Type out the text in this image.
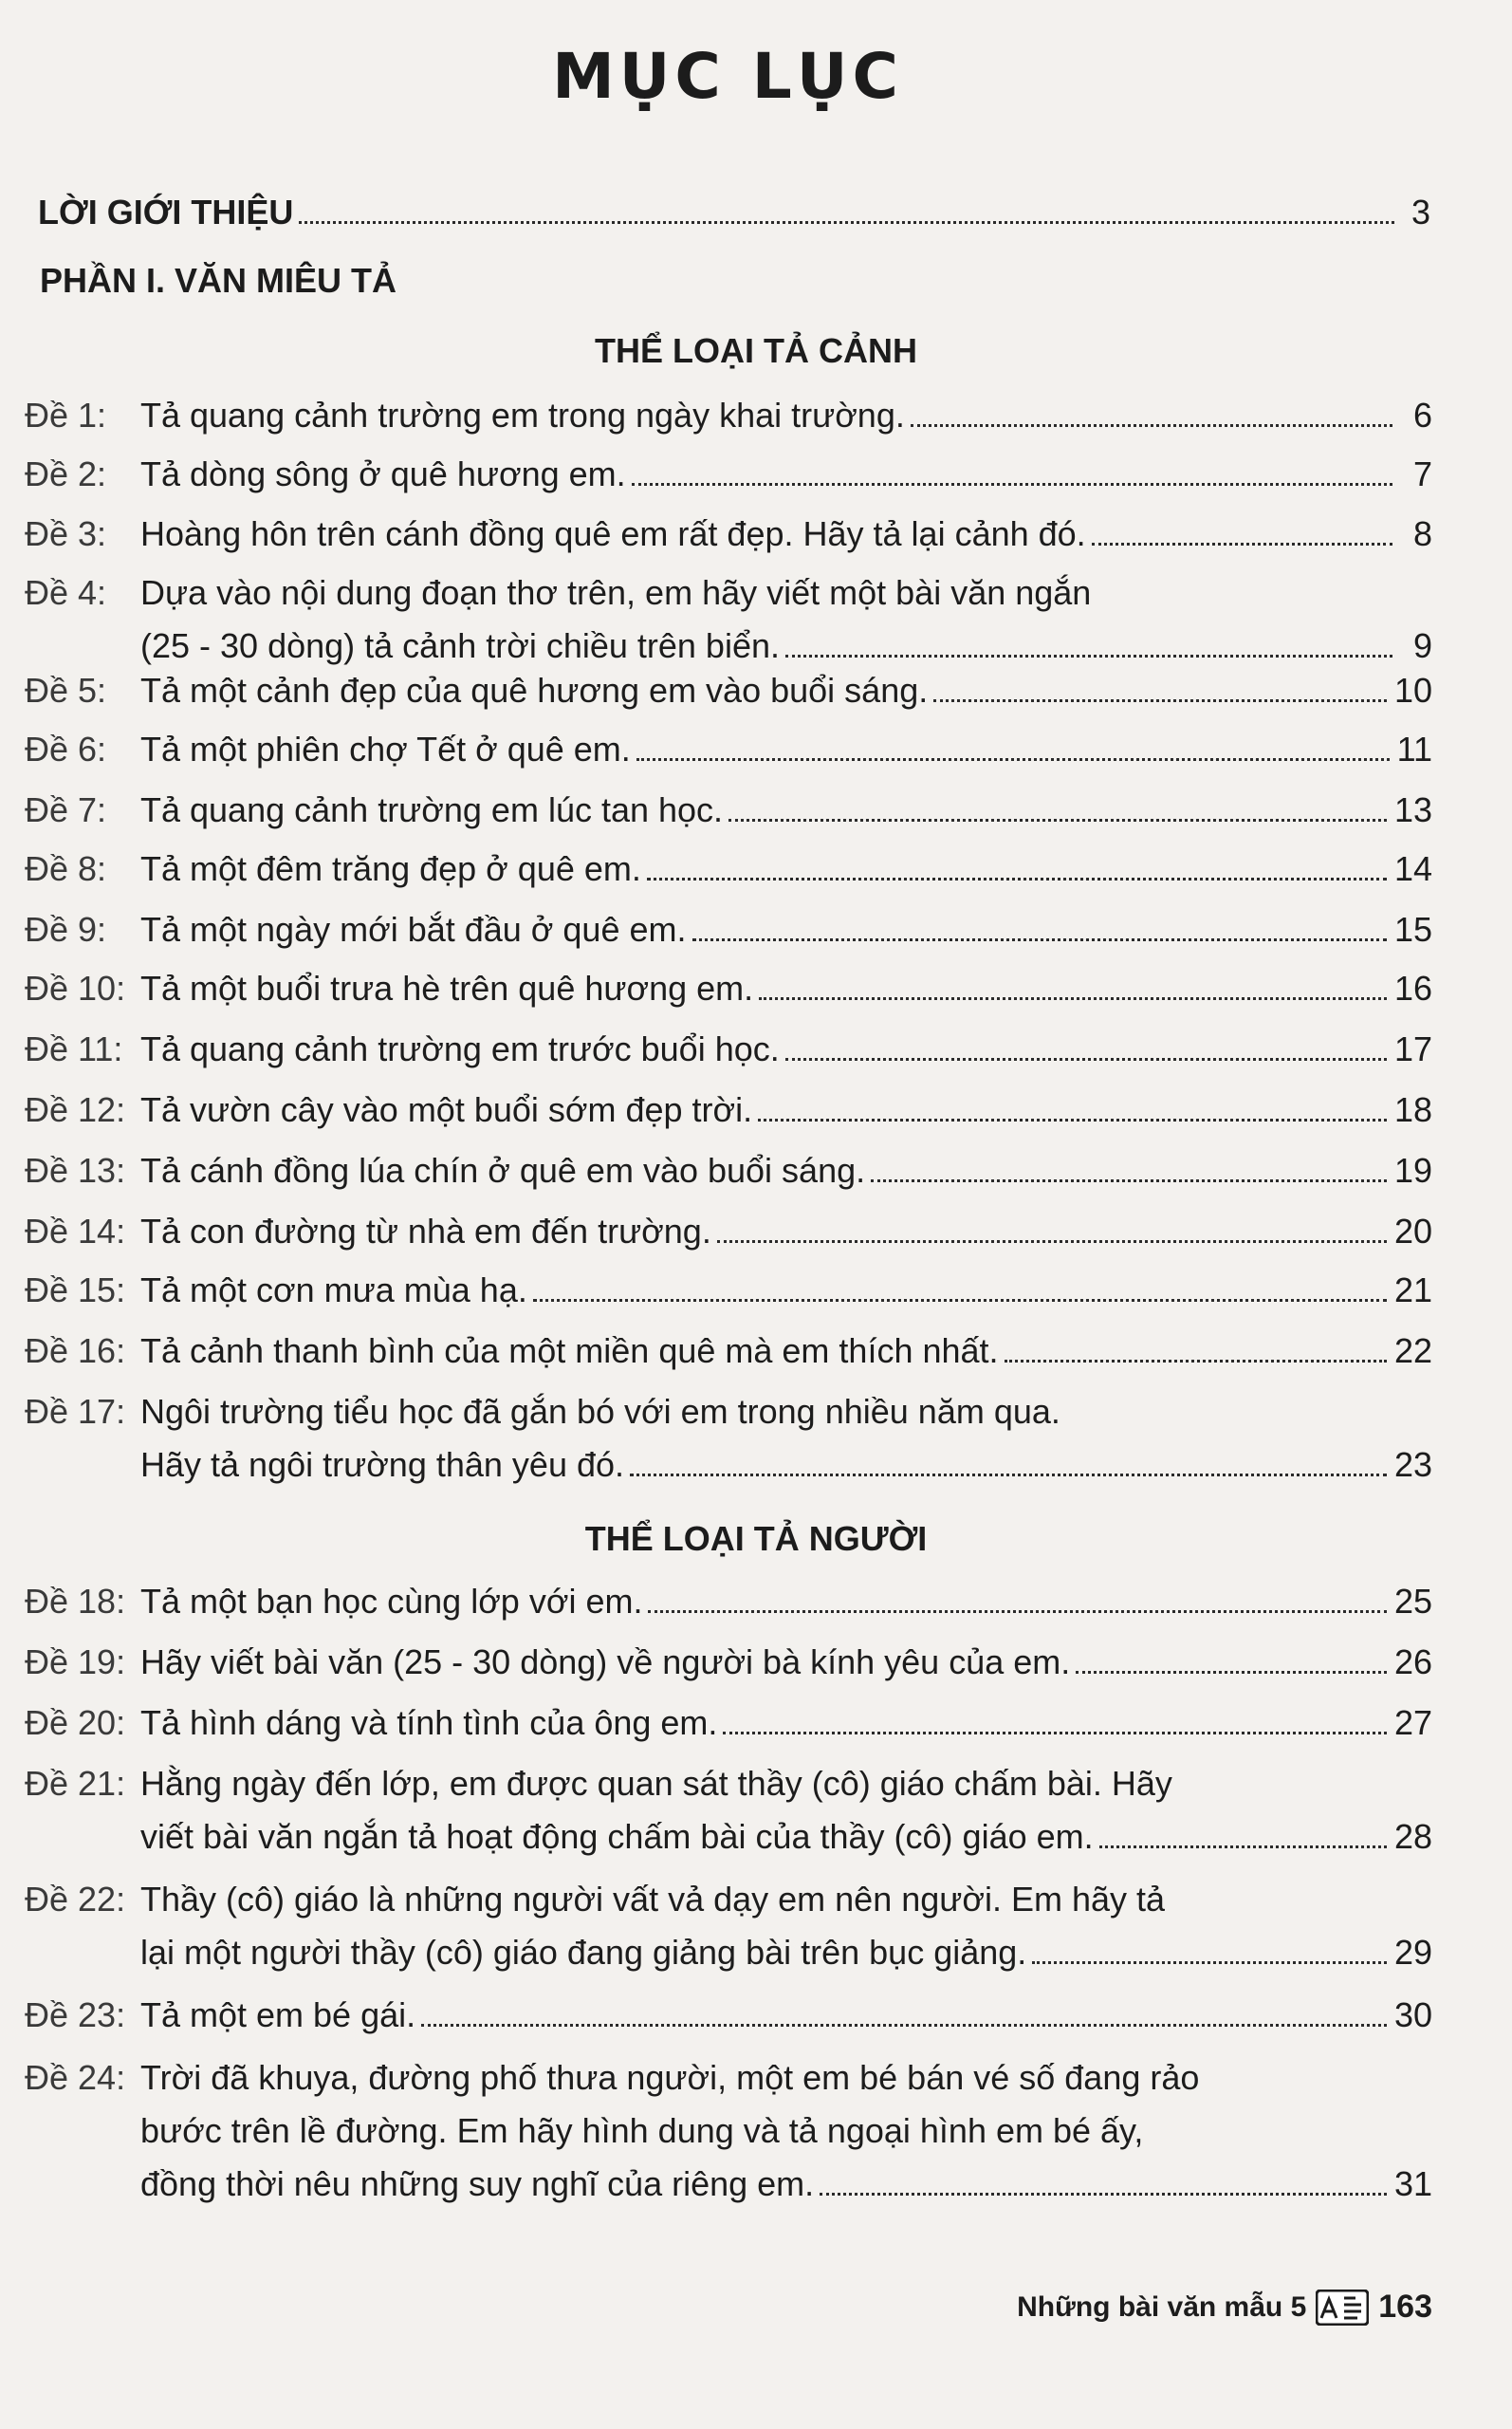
MỤC LỤC
LỜI GIỚI THIỆU	3
PHẦN I. VĂN MIÊU TẢ
THỂ LOẠI TẢ CẢNH
THỂ LOẠI TẢ NGƯỜI
Đề 1: Tả quang cảnh trường em trong ngày khai trường.	6
Đề 2: Tả dòng sông ở quê hương em.	7
Đề 3: Hoàng hôn trên cánh đồng quê em rất đẹp. Hãy tả lại cảnh đó.	8
Đề 4: Dựa vào nội dung đoạn thơ trên, em hãy viết một bài văn ngắn
(25 - 30 dòng) tả cảnh trời chiều trên biển.	9
Đề 5: Tả một cảnh đẹp của quê hương em vào buổi sáng.	10
Đề 6: Tả một phiên chợ Tết ở quê em.	11
Đề 7: Tả quang cảnh trường em lúc tan học.	13
Đề 8: Tả một đêm trăng đẹp ở quê em.	14
Đề 9: Tả một ngày mới bắt đầu ở quê em.	15
Đề 10: Tả một buổi trưa hè trên quê hương em.	16
Đề 11: Tả quang cảnh trường em trước buổi học.	17
Đề 12: Tả vườn cây vào một buổi sớm đẹp trời.	18
Đề 13: Tả cánh đồng lúa chín ở quê em vào buổi sáng.	19
Đề 14: Tả con đường từ nhà em đến trường.	20
Đề 15: Tả một cơn mưa mùa hạ.	21
Đề 16: Tả cảnh thanh bình của một miền quê mà em thích nhất.	22
Đề 17: Ngôi trường tiểu học đã gắn bó với em trong nhiều năm qua.
Hãy tả ngôi trường thân yêu đó.	23
Đề 18: Tả một bạn học cùng lớp với em.	25
Đề 19: Hãy viết bài văn (25 - 30 dòng) về người bà kính yêu của em.	26
Đề 20: Tả hình dáng và tính tình của ông em.	27
Đề 21: Hằng ngày đến lớp, em được quan sát thầy (cô) giáo chấm bài. Hãy
viết bài văn ngắn tả hoạt động chấm bài của thầy (cô) giáo em.	28
Đề 22: Thầy (cô) giáo là những người vất vả dạy em nên người. Em hãy tả
lại một người thầy (cô) giáo đang giảng bài trên bục giảng.	29
Đề 23: Tả một em bé gái.	30
Đề 24: Trời đã khuya, đường phố thưa người, một em bé bán vé số đang rảo
bước trên lề đường. Em hãy hình dung và tả ngoại hình em bé ấy,
đồng thời nêu những suy nghĩ của riêng em.	31
Những bài văn mẫu 5 163
